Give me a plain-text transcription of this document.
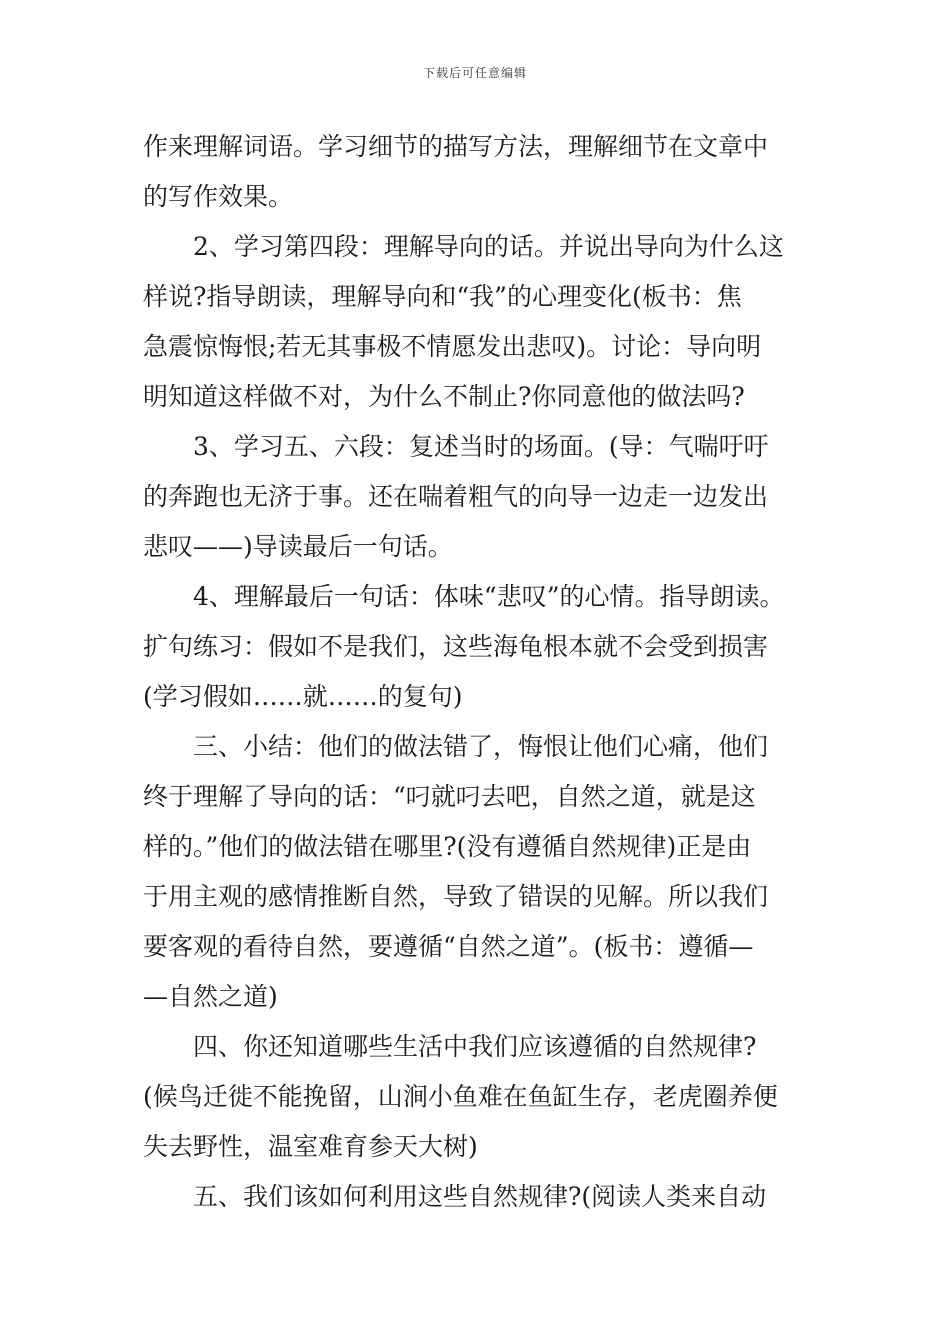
下载后可任意编辑
作来理解词语。学习细节的描写方法，理解细节在文章中
的写作效果。
2、学习第四段：理解导向的话。并说出导向为什么这
样说?指导朗读，理解导向和“我”的心理变化(板书：焦
急震惊悔恨;若无其事极不情愿发出悲叹)。讨论：导向明
明知道这样做不对，为什么不制止?你同意他的做法吗?
3、学习五、六段：复述当时的场面。(导：气喘吁吁
的奔跑也无济于事。还在喘着粗气的向导一边走一边发出
悲叹——)导读最后一句话。
4、理解最后一句话：体味“悲叹”的心情。指导朗读。
扩句练习：假如不是我们，这些海龟根本就不会受到损害
(学习假如……就……的复句)
三、小结：他们的做法错了，悔恨让他们心痛，他们
终于理解了导向的话：“叼就叼去吧，自然之道，就是这
样的。”他们的做法错在哪里?(没有遵循自然规律)正是由
于用主观的感情推断自然，导致了错误的见解。所以我们
要客观的看待自然，要遵循“自然之道”。(板书：遵循—
—自然之道)
四、你还知道哪些生活中我们应该遵循的自然规律?
(候鸟迁徙不能挽留，山涧小鱼难在鱼缸生存，老虎圈养便
失去野性，温室难育参天大树)
五、我们该如何利用这些自然规律?(阅读人类来自动
